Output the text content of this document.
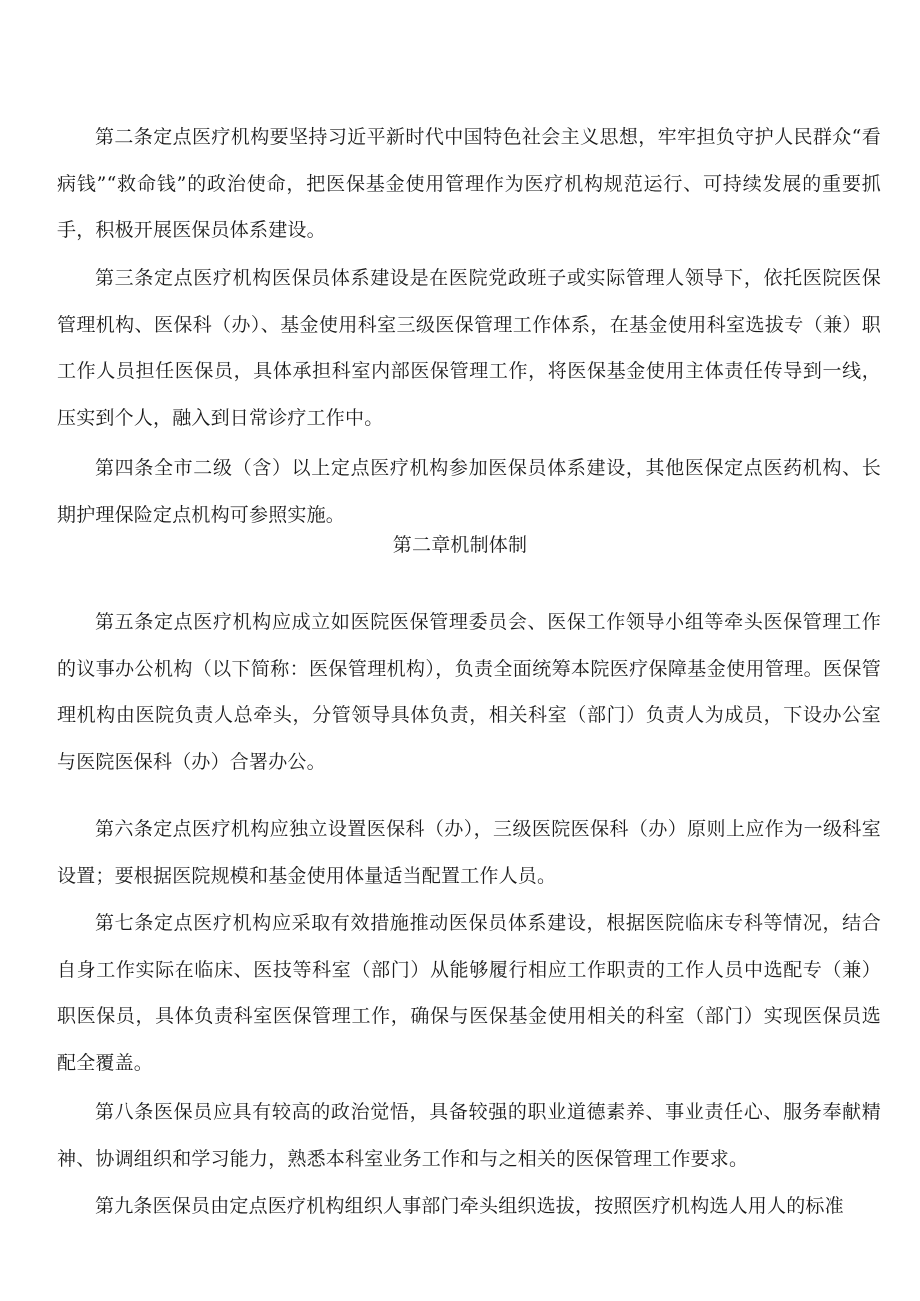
第二条定点医疗机构要坚持习近平新时代中国特色社会主义思想，牢牢担负守护人民群众“看病钱”“救命钱”的政治使命，把医保基金使用管理作为医疗机构规范运行、可持续发展的重要抓手，积极开展医保员体系建设。

第三条定点医疗机构医保员体系建设是在医院党政班子或实际管理人领导下，依托医院医保管理机构、医保科（办）、基金使用科室三级医保管理工作体系，在基金使用科室选拔专（兼）职工作人员担任医保员，具体承担科室内部医保管理工作，将医保基金使用主体责任传导到一线，压实到个人，融入到日常诊疗工作中。

第四条全市二级（含）以上定点医疗机构参加医保员体系建设，其他医保定点医药机构、长期护理保险定点机构可参照实施。

第二章机制体制

第五条定点医疗机构应成立如医院医保管理委员会、医保工作领导小组等牵头医保管理工作的议事办公机构（以下简称：医保管理机构），负责全面统筹本院医疗保障基金使用管理。医保管理机构由医院负责人总牵头，分管领导具体负责，相关科室（部门）负责人为成员，下设办公室与医院医保科（办）合署办公。

第六条定点医疗机构应独立设置医保科（办），三级医院医保科（办）原则上应作为一级科室设置；要根据医院规模和基金使用体量适当配置工作人员。

第七条定点医疗机构应采取有效措施推动医保员体系建设，根据医院临床专科等情况，结合自身工作实际在临床、医技等科室（部门）从能够履行相应工作职责的工作人员中选配专（兼）职医保员，具体负责科室医保管理工作，确保与医保基金使用相关的科室（部门）实现医保员选配全覆盖。

第八条医保员应具有较高的政治觉悟，具备较强的职业道德素养、事业责任心、服务奉献精神、协调组织和学习能力，熟悉本科室业务工作和与之相关的医保管理工作要求。

第九条医保员由定点医疗机构组织人事部门牵头组织选拔，按照医疗机构选人用人的标准
